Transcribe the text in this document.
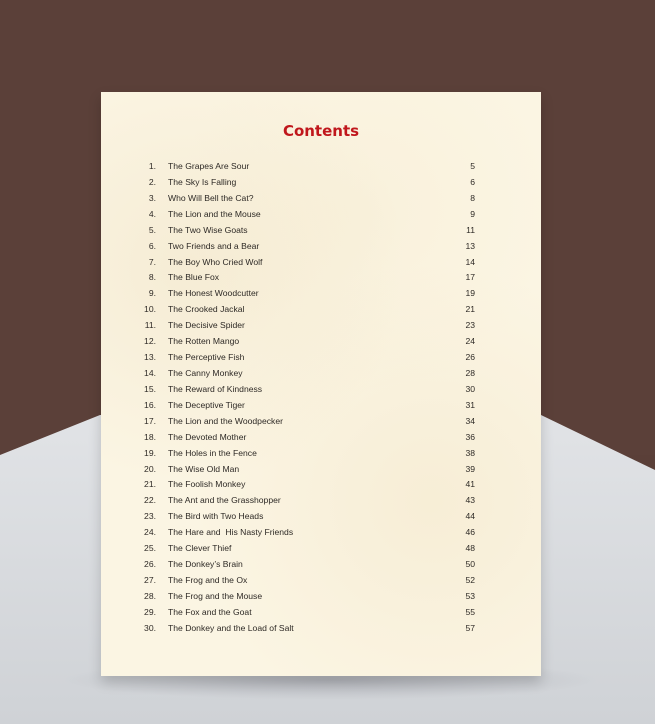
Contents
1. The Grapes Are Sour	5
2. The Sky Is Falling	6
3. Who Will Bell the Cat?	8
4. The Lion and the Mouse	9
5. The Two Wise Goats	11
6. Two Friends and a Bear	13
7. The Boy Who Cried Wolf	14
8. The Blue Fox	17
9. The Honest Woodcutter	19
10. The Crooked Jackal	21
11. The Decisive Spider	23
12. The Rotten Mango	24
13. The Perceptive Fish	26
14. The Canny Monkey	28
15. The Reward of Kindness	30
16. The Deceptive Tiger	31
17. The Lion and the Woodpecker	34
18. The Devoted Mother	36
19. The Holes in the Fence	38
20. The Wise Old Man	39
21. The Foolish Monkey	41
22. The Ant and the Grasshopper	43
23. The Bird with Two Heads	44
24. The Hare and  His Nasty Friends	46
25. The Clever Thief	48
26. The Donkey’s Brain	50
27. The Frog and the Ox	52
28. The Frog and the Mouse	53
29. The Fox and the Goat	55
30. The Donkey and the Load of Salt	57
